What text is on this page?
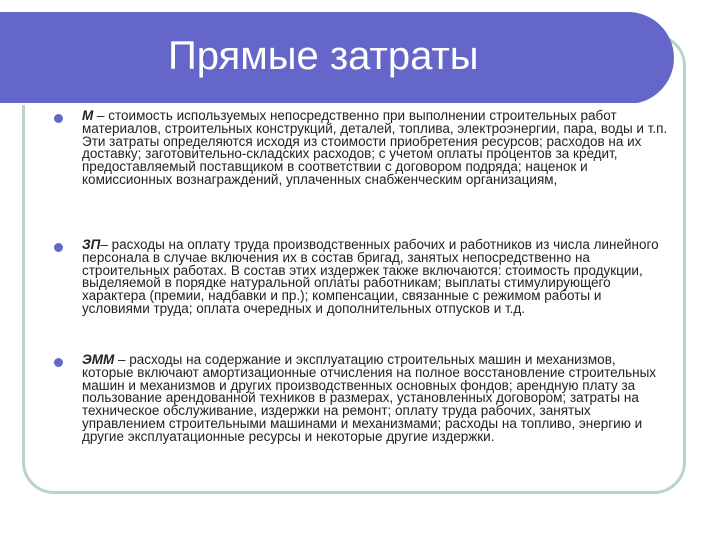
Прямые затраты
М – стоимость используемых непосредственно при выполнении строительных работ материалов, строительных конструкций, деталей, топлива, электроэнергии, пара, воды и т.п. Эти затраты определяются исходя из стоимости приобретения ресурсов; расходов на их доставку; заготовительно-складских расходов; с учетом оплаты процентов за кредит, предоставляемый поставщиком в соответствии с договором подряда; наценок и комиссионных вознаграждений, уплаченных снабженческим организациям,
ЗП– расходы на оплату труда производственных рабочих и работников из числа линейного персонала в случае включения их в состав бригад, занятых непосредственно на строительных работах. В состав этих издержек также включаются: стоимость продукции, выделяемой в порядке натуральной оплаты работникам; выплаты стимулирующего характера (премии, надбавки и пр.); компенсации, связанные с режимом работы и условиями труда; оплата очередных и дополнительных отпусков и т.д.
ЭММ – расходы на содержание и эксплуатацию строительных машин и механизмов, которые включают амортизационные отчисления на полное восстановление строительных машин и механизмов и других производственных основных фондов; арендную плату за пользование арендованной техников в размерах, установленных договором; затраты на техническое обслуживание, издержки на ремонт; оплату труда рабочих, занятых управлением строительными машинами и механизмами; расходы на топливо, энергию и другие эксплуатационные ресурсы и некоторые другие издержки.
